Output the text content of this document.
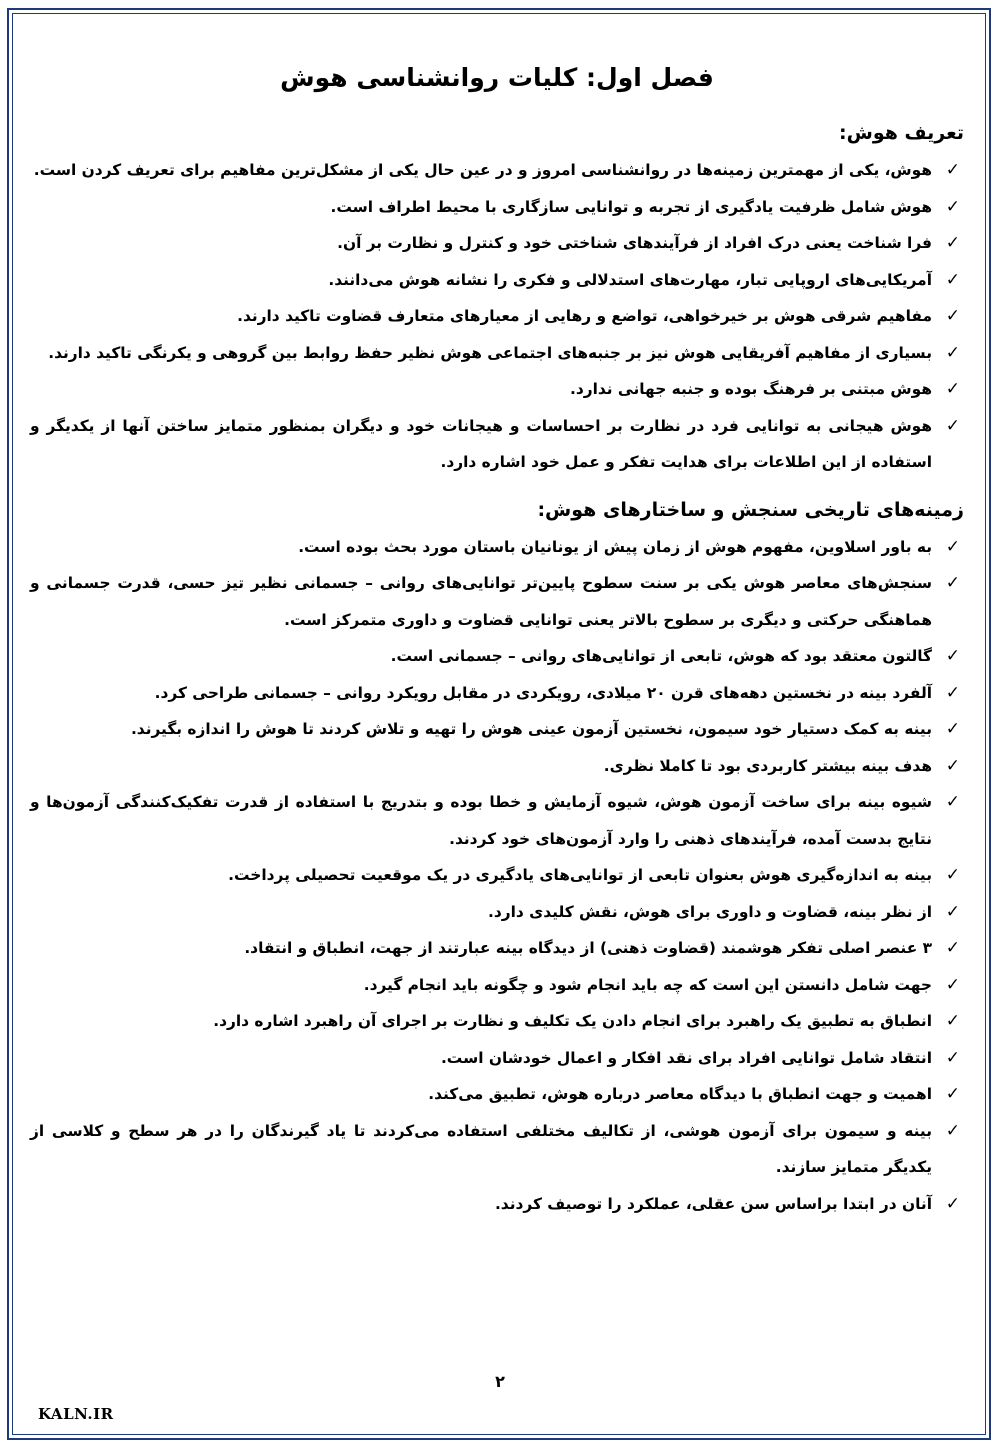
فصل اول: کلیات روانشناسی هوش
تعریف هوش:
✓
هوش، یکی از مهمترین زمینه‌ها در روانشناسی امروز و در عین حال یکی از مشکل‌ترین مفاهیم برای تعریف کردن است.
✓
هوش شامل ظرفیت یادگیری از تجربه و توانایی سازگاری با محیط اطراف است.
✓
فرا شناخت یعنی درک افراد از فرآیندهای شناختی خود و کنترل و نظارت بر آن.
✓
آمریکایی‌های اروپایی تبار، مهارت‌های استدلالی و فکری را نشانه هوش می‌دانند.
✓
مفاهیم شرقی هوش بر خیرخواهی، تواضع و رهایی از معیارهای متعارف قضاوت تاکید دارند.
✓
بسیاری از مفاهیم آفریقایی هوش نیز بر جنبه‌های اجتماعی هوش نظیر حفظ روابط بین گروهی و یکرنگی تاکید دارند.
✓
هوش مبتنی بر فرهنگ بوده و جنبه جهانی ندارد.
✓
هوش هیجانی به توانایی فرد در نظارت بر احساسات و هیجانات خود و دیگران بمنظور متمایز ساختن آنها از یکدیگر و استفاده از این اطلاعات برای هدایت تفکر و عمل خود اشاره دارد.
زمینه‌های تاریخی سنجش و ساختارهای هوش:
✓
به باور اسلاوین، مفهوم هوش از زمان پیش از یونانیان باستان مورد بحث بوده است.
✓
سنجش‌های معاصر هوش یکی بر سنت سطوح پایین‌تر توانایی‌های روانی – جسمانی نظیر تیز حسی، قدرت جسمانی و هماهنگی حرکتی و دیگری بر سطوح بالاتر یعنی توانایی قضاوت و داوری متمرکز است.
✓
گالتون معتقد بود که هوش، تابعی از توانایی‌های روانی – جسمانی است.
✓
آلفرد بینه در نخستین دهه‌های قرن ۲۰ میلادی، رویکردی در مقابل رویکرد روانی – جسمانی طراحی کرد.
✓
بینه به کمک دستیار خود سیمون، نخستین آزمون عینی هوش را تهیه و تلاش کردند تا هوش را اندازه بگیرند.
✓
هدف بینه بیشتر کاربردی بود تا کاملا نظری.
✓
شیوه بینه برای ساخت آزمون هوش، شیوه آزمایش و خطا بوده و بتدریج با استفاده از قدرت تفکیک‌کنندگی آزمون‌ها و نتایج بدست آمده، فرآیندهای ذهنی را وارد آزمون‌های خود کردند.
✓
بینه به اندازه‌گیری هوش بعنوان تابعی از توانایی‌های یادگیری در یک موقعیت تحصیلی پرداخت.
✓
از نظر بینه، قضاوت و داوری برای هوش، نقش کلیدی دارد.
✓
۳ عنصر اصلی تفکر هوشمند (قضاوت ذهنی) از دیدگاه بینه عبارتند از جهت، انطباق و انتقاد.
✓
جهت شامل دانستن این است که چه باید انجام شود و چگونه باید انجام گیرد.
✓
انطباق به تطبیق یک راهبرد برای انجام دادن یک تکلیف و نظارت بر اجرای آن راهبرد اشاره دارد.
✓
انتقاد شامل توانایی افراد برای نقد افکار و اعمال خودشان است.
✓
اهمیت و جهت انطباق با دیدگاه معاصر درباره هوش، تطبیق می‌کند.
✓
بینه و سیمون برای آزمون هوشی، از تکالیف مختلفی استفاده می‌کردند تا یاد گیرندگان را در هر سطح و کلاسی از یکدیگر متمایز سازند.
✓
آنان در ابتدا براساس سن عقلی، عملکرد را توصیف کردند.
۲
KALN.IR
